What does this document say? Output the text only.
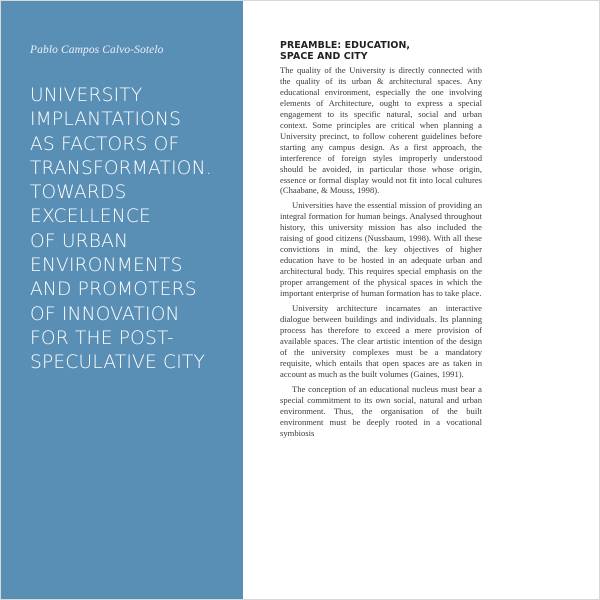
Pablo Campos Calvo-Sotelo
UNIVERSITY
IMPLANTATIONS
AS FACTORS OF
TRANSFORMATION.
TOWARDS
EXCELLENCE
OF URBAN
ENVIRONMENTS
AND PROMOTERS
OF INNOVATION
FOR THE POST-
SPECULATIVE CITY
PREAMBLE: EDUCATION,
SPACE AND CITY

The quality of the University is directly connected with the quality of its urban & architectural spaces. Any educational environment, especially the one involving elements of Architecture, ought to express a special engagement to its specific natural, social and urban context. Some principles are critical when planning a University precinct, to follow coherent guidelines before starting any campus design. As a first approach, the interference of foreign styles improperly understood should be avoided, in particular those whose origin, essence or formal display would not fit into local cultures (Chaabane, & Mouss, 1998).

Universities have the essential mission of providing an integral formation for human beings. Analysed throughout history, this university mission has also included the raising of good citizens (Nussbaum, 1998). With all these convictions in mind, the key objectives of higher education have to be hosted in an adequate urban and architectural body. This requires special emphasis on the proper arrangement of the physical spaces in which the important enterprise of human formation has to take place.

University architecture incarnates an interactive dialogue between buildings and individuals. Its planning process has therefore to exceed a mere provision of available spaces. The clear artistic intention of the design of the university complexes must be a mandatory requisite, which entails that open spaces are as taken in account as much as the built volumes (Gaines, 1991).

The conception of an educational nucleus must bear a special commitment to its own social, natural and urban environment. Thus, the organisation of the built environment must be deeply rooted in a vocational symbiosis
